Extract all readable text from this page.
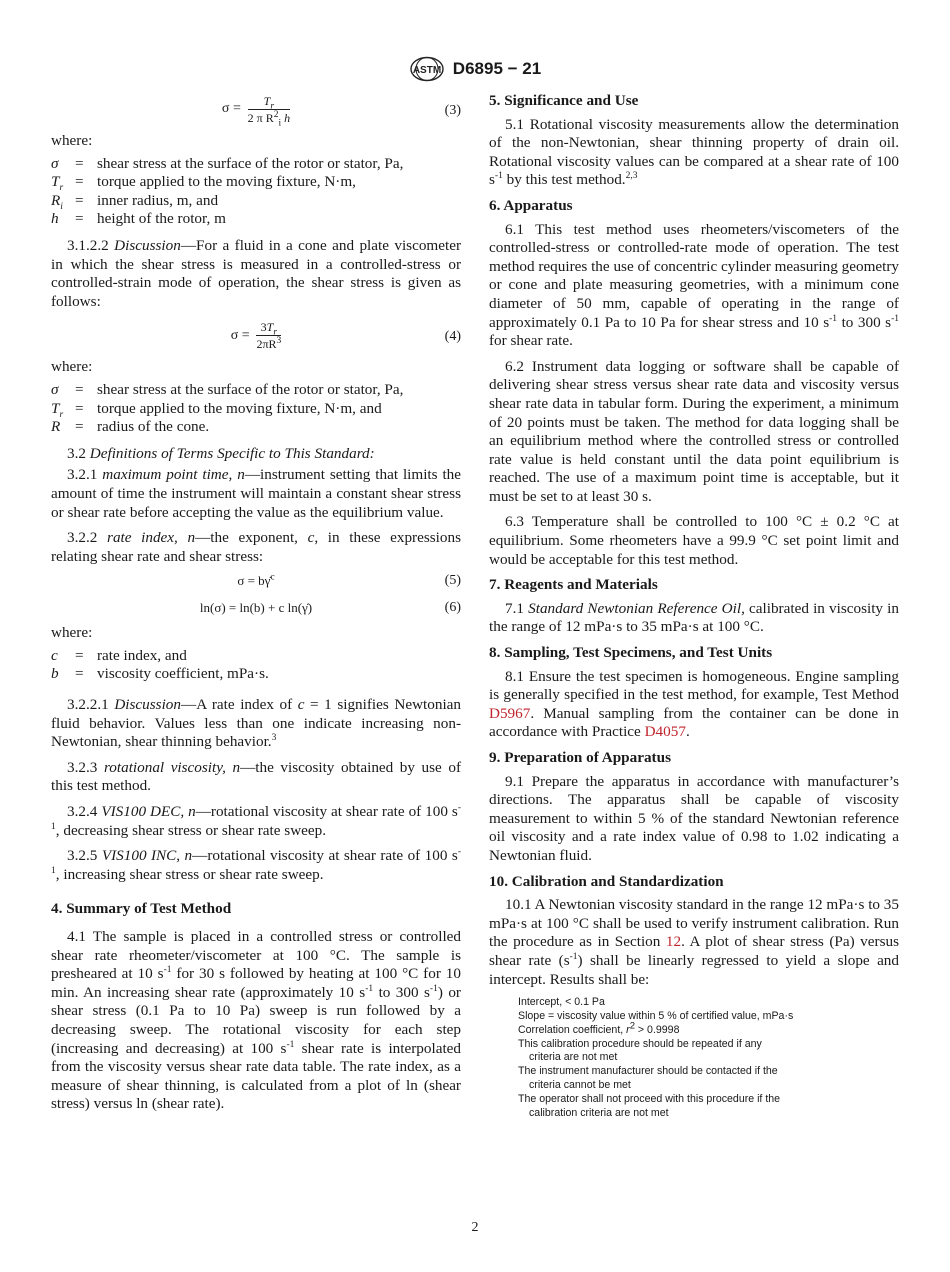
ASTM D6895 − 21
$\sigma = \frac{T_r}{2 \pi R^2_i h}$	(3)
where:
σ	= shear stress at the surface of the rotor or stator, Pa,
$T_r$ = torque applied to the moving fixture, N·m,
$R_i$ = inner radius, m, and
h	= height of the rotor, m

3.1.2.2 Discussion—For a fluid in a cone and plate viscometer in which the shear stress is measured in a controlled-stress or controlled-strain mode of operation, the shear stress is given as follows:

$\sigma = \frac{3T_r}{2\pi R^3}$	(4)
where:
σ	= shear stress at the surface of the rotor or stator, Pa,
$T_r$ = torque applied to the moving fixture, N·m, and
R = radius of the cone.

3.2 Definitions of Terms Specific to This Standard:

3.2.1 maximum point time, n—instrument setting that limits the amount of time the instrument will maintain a constant shear stress or shear rate before accepting the value as the equilibrium value.

3.2.2 rate index, n—the exponent, c, in these expressions relating shear rate and shear stress:

σ = bγ̇$^c$	(5)
ln(σ) = ln(b) + c ln(γ̇)	(6)
where:
c	= rate index, and
b	= viscosity coefficient, mPa·s.

3.2.2.1 Discussion—A rate index of c = 1 signifies Newtonian fluid behavior. Values less than one indicate increasing non-Newtonian, shear thinning behavior.$^3$

3.2.3 rotational viscosity, n—the viscosity obtained by use of this test method.

3.2.4 VIS100 DEC, n—rotational viscosity at shear rate of 100 $s^{-1}$, decreasing shear stress or shear rate sweep.

3.2.5 VIS100 INC, n—rotational viscosity at shear rate of 100 $s^{-1}$, increasing shear stress or shear rate sweep.

4. Summary of Test Method

4.1 The sample is placed in a controlled stress or controlled shear rate rheometer/viscometer at 100 °C. The sample is presheared at 10 $s^{-1}$ for 30 s followed by heating at 100 °C for 10 min. An increasing shear rate (approximately 10 $s^{-1}$ to 300 $s^{-1}$) or shear stress (0.1 Pa to 10 Pa) sweep is run followed by a decreasing sweep. The rotational viscosity for each step (increasing and decreasing) at 100 $s^{-1}$ shear rate is interpolated from the viscosity versus shear rate data table. The rate index, as a measure of shear thinning, is calculated from a plot of ln (shear stress) versus ln (shear rate).

5. Significance and Use

5.1 Rotational viscosity measurements allow the determination of the non-Newtonian, shear thinning property of drain oil. Rotational viscosity values can be compared at a shear rate of 100 $s^{-1}$ by this test method.$^{2,3}$

6. Apparatus

6.1 This test method uses rheometers/viscometers of the controlled-stress or controlled-rate mode of operation. The test method requires the use of concentric cylinder measuring geometry or cone and plate measuring geometries, with a minimum cone diameter of 50 mm, capable of operating in the range of approximately 0.1 Pa to 10 Pa for shear stress and 10 $s^{-1}$ to 300 $s^{-1}$ for shear rate.

6.2 Instrument data logging or software shall be capable of delivering shear stress versus shear rate data and viscosity versus shear rate data in tabular form. During the experiment, a minimum of 20 points must be taken. The method for data logging shall be an equilibrium method where the controlled stress or controlled rate value is held constant until the data point equilibrium is reached. The use of a maximum point time is acceptable, but it must be set to at least 30 s.

6.3 Temperature shall be controlled to 100 °C ± 0.2 °C at equilibrium. Some rheometers have a 99.9 °C set point limit and would be acceptable for this test method.

7. Reagents and Materials

7.1 Standard Newtonian Reference Oil, calibrated in viscosity in the range of 12 mPa·s to 35 mPa·s at 100 °C.

8. Sampling, Test Specimens, and Test Units

8.1 Ensure the test specimen is homogeneous. Engine sampling is generally specified in the test method, for example, Test Method D5967. Manual sampling from the container can be done in accordance with Practice D4057.

9. Preparation of Apparatus

9.1 Prepare the apparatus in accordance with manufacturer’s directions. The apparatus shall be capable of viscosity measurement to within 5 % of the standard Newtonian reference oil viscosity and a rate index value of 0.98 to 1.02 indicating a Newtonian fluid.

10. Calibration and Standardization

10.1 A Newtonian viscosity standard in the range 12 mPa·s to 35 mPa·s at 100 °C shall be used to verify instrument calibration. Run the procedure as in Section 12. A plot of shear stress (Pa) versus shear rate $(s^{-1})$ shall be linearly regressed to yield a slope and intercept. Results shall be:

Intercept, < 0.1 Pa
Slope = viscosity value within 5 % of certified value, mPa·s
Correlation coefficient, $r^2 > 0.9998$
This calibration procedure should be repeated if any
criteria are not met
The instrument manufacturer should be contacted if the
criteria cannot be met
The operator shall not proceed with this procedure if the
calibration criteria are not met
2
